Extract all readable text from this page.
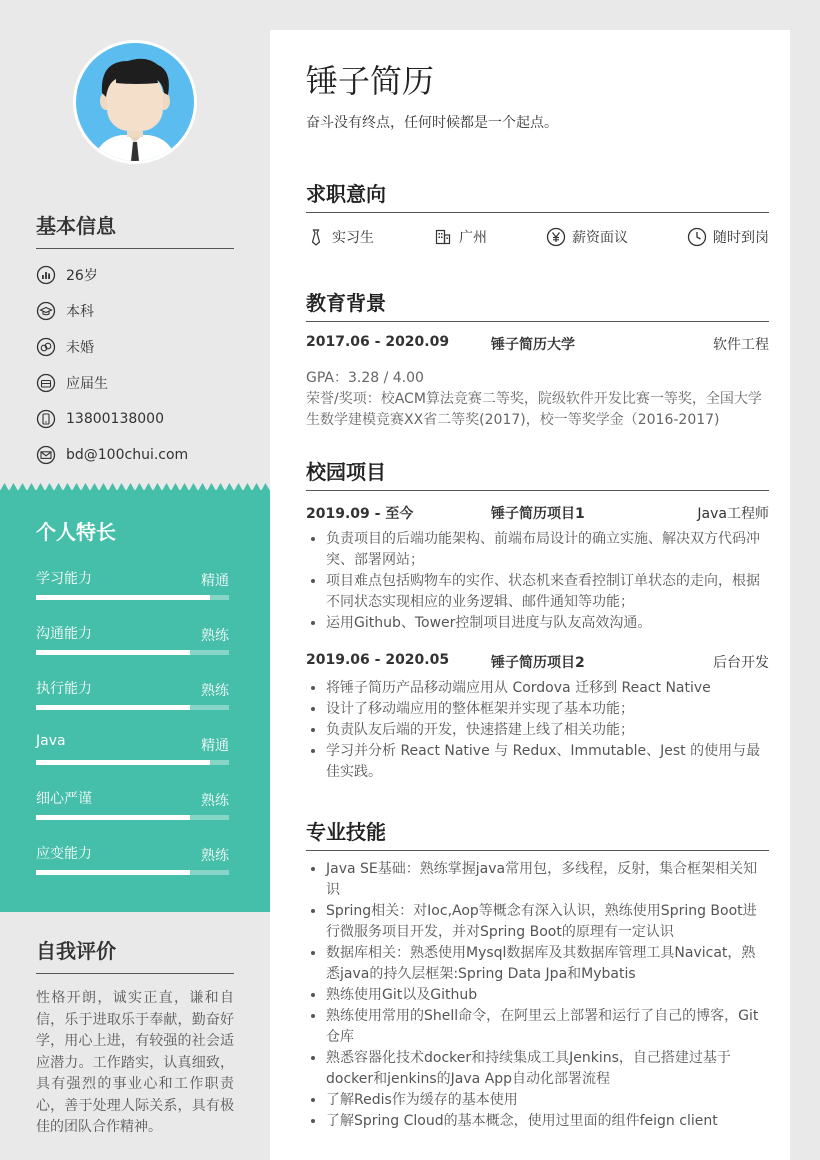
基本信息
26岁
本科
未婚
应届生
13800138000
bd@100chui.com
个人特长
学习能力	精通
沟通能力	熟练
执行能力	熟练
Java	精通
细心严谨	熟练
应变能力	熟练
自我评价
性格开朗，诚实正直，谦和自信，乐于进取乐于奉献，勤奋好学，用心上进，有较强的社会适应潜力。工作踏实，认真细致，具有强烈的事业心和工作职责心，善于处理人际关系，具有极佳的团队合作精神。
锤子简历
奋斗没有终点，任何时候都是一个起点。
求职意向
实习生	广州	薪资面议	随时到岗
教育背景
2017.06 - 2020.09	锤子简历大学	软件工程
GPA：3.28 / 4.00
荣誉/奖项：校ACM算法竞赛二等奖，院级软件开发比赛一等奖，全国大学生数学建模竞赛XX省二等奖(2017)，校一等奖学金（2016-2017)
校园项目
2019.09 - 至今	锤子简历项目1	Java工程师
• 负责项目的后端功能架构、前端布局设计的确立实施、解决双方代码冲突、部署网站；
• 项目难点包括购物车的实作、状态机来查看控制订单状态的走向，根据不同状态实现相应的业务逻辑、邮件通知等功能；
• 运用Github、Tower控制项目进度与队友高效沟通。
2019.06 - 2020.05	锤子简历项目2	后台开发
• 将锤子简历产品移动端应用从 Cordova 迁移到 React Native
• 设计了移动端应用的整体框架并实现了基本功能；
• 负责队友后端的开发，快速搭建上线了相关功能；
• 学习并分析 React Native 与 Redux、Immutable、Jest 的使用与最佳实践。
专业技能
• Java SE基础：熟练掌握java常用包，多线程，反射，集合框架相关知识
• Spring相关：对Ioc,Aop等概念有深入认识，熟练使用Spring Boot进行微服务项目开发，并对Spring Boot的原理有一定认识
• 数据库相关：熟悉使用Mysql数据库及其数据库管理工具Navicat，熟悉java的持久层框架:Spring Data Jpa和Mybatis
• 熟练使用Git以及Github
• 熟练使用常用的Shell命令，在阿里云上部署和运行了自己的博客，Git仓库
• 熟悉容器化技术docker和持续集成工具Jenkins，自己搭建过基于docker和jenkins的Java App自动化部署流程
• 了解Redis作为缓存的基本使用
• 了解Spring Cloud的基本概念，使用过里面的组件feign client
